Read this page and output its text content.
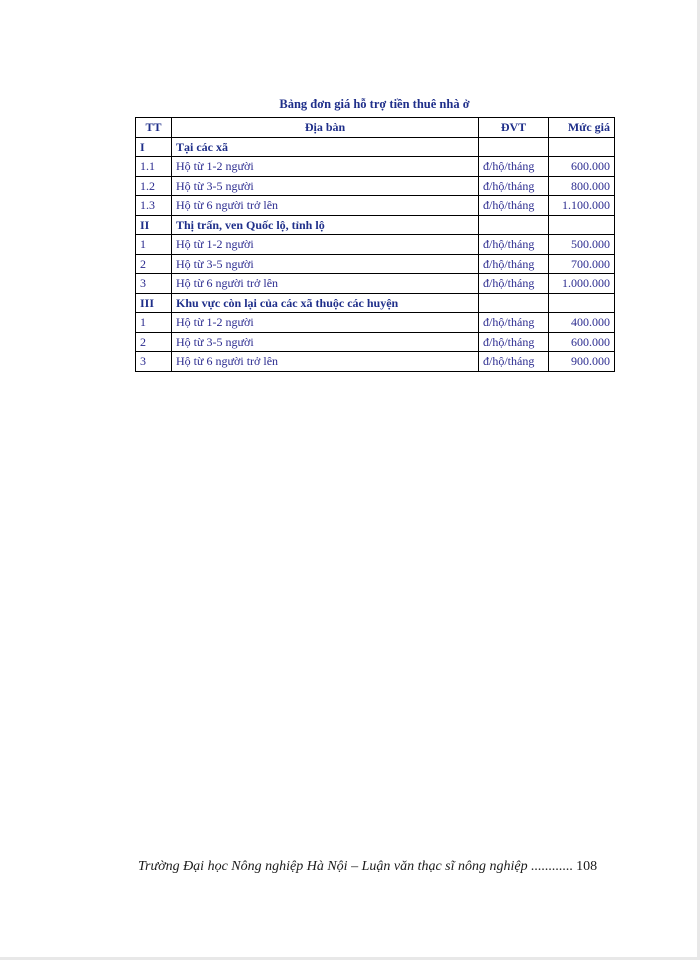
Bảng đơn giá hỗ trợ tiền thuê nhà ở
TT	Địa bàn	ĐVT	Mức giá
I	Tại các xã		
1.1	Hộ từ 1-2 người	đ/hộ/tháng	600.000
1.2	Hộ từ 3-5 người	đ/hộ/tháng	800.000
1.3	Hộ từ 6 người trở lên	đ/hộ/tháng	1.100.000
II	Thị trấn, ven Quốc lộ, tỉnh lộ		
1	Hộ từ 1-2 người	đ/hộ/tháng	500.000
2	Hộ từ 3-5 người	đ/hộ/tháng	700.000
3	Hộ từ 6 người trở lên	đ/hộ/tháng	1.000.000
III	Khu vực còn lại của các xã thuộc các huyện		
1	Hộ từ 1-2 người	đ/hộ/tháng	400.000
2	Hộ từ 3-5 người	đ/hộ/tháng	600.000
3	Hộ từ 6 người trở lên	đ/hộ/tháng	900.000
Trường Đại học Nông nghiệp Hà Nội – Luận văn thạc sĩ nông nghiệp ............ 108
